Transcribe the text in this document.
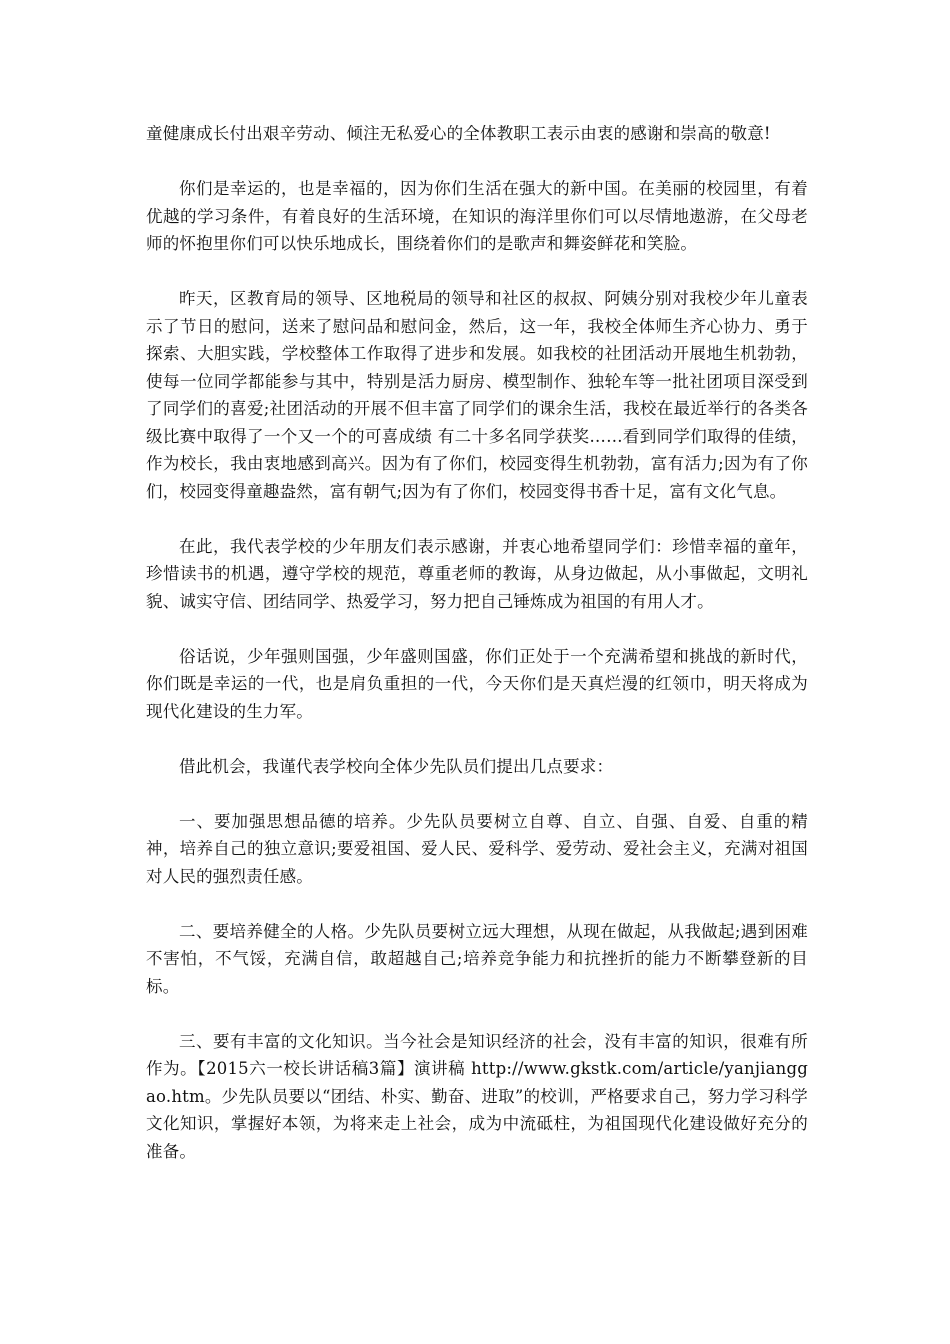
童健康成长付出艰辛劳动、倾注无私爱心的全体教职工表示由衷的感谢和崇高的敬意!

你们是幸运的，也是幸福的，因为你们生活在强大的新中国。在美丽的校园里，有着优越的学习条件，有着良好的生活环境，在知识的海洋里你们可以尽情地遨游，在父母老师的怀抱里你们可以快乐地成长，围绕着你们的是歌声和舞姿鲜花和笑脸。

昨天，区教育局的领导、区地税局的领导和社区的叔叔、阿姨分别对我校少年儿童表示了节日的慰问，送来了慰问品和慰问金，然后，这一年，我校全体师生齐心协力、勇于探索、大胆实践，学校整体工作取得了进步和发展。如我校的社团活动开展地生机勃勃，使每一位同学都能参与其中，特别是活力厨房、模型制作、独轮车等一批社团项目深受到了同学们的喜爱;社团活动的开展不但丰富了同学们的课余生活，我校在最近举行的各类各级比赛中取得了一个又一个的可喜成绩 有二十多名同学获奖……看到同学们取得的佳绩，作为校长，我由衷地感到高兴。因为有了你们，校园变得生机勃勃，富有活力;因为有了你们，校园变得童趣盎然，富有朝气;因为有了你们，校园变得书香十足，富有文化气息。

在此，我代表学校的少年朋友们表示感谢，并衷心地希望同学们：珍惜幸福的童年，珍惜读书的机遇，遵守学校的规范，尊重老师的教诲，从身边做起，从小事做起，文明礼貌、诚实守信、团结同学、热爱学习，努力把自己锤炼成为祖国的有用人才。

俗话说，少年强则国强，少年盛则国盛，你们正处于一个充满希望和挑战的新时代，你们既是幸运的一代，也是肩负重担的一代，今天你们是天真烂漫的红领巾，明天将成为现代化建设的生力军。

借此机会，我谨代表学校向全体少先队员们提出几点要求：

一、要加强思想品德的培养。少先队员要树立自尊、自立、自强、自爱、自重的精神，培养自己的独立意识;要爱祖国、爱人民、爱科学、爱劳动、爱社会主义，充满对祖国对人民的强烈责任感。

二、要培养健全的人格。少先队员要树立远大理想，从现在做起，从我做起;遇到困难不害怕，不气馁，充满自信，敢超越自己;培养竞争能力和抗挫折的能力不断攀登新的目标。

三、要有丰富的文化知识。当今社会是知识经济的社会，没有丰富的知识，很难有所作为。【2015六一校长讲话稿3篇】演讲稿 http://www.gkstk.com/article/yanjianggao.htm。少先队员要以“团结、朴实、勤奋、进取”的校训，严格要求自己，努力学习科学文化知识，掌握好本领，为将来走上社会，成为中流砥柱，为祖国现代化建设做好充分的准备。
